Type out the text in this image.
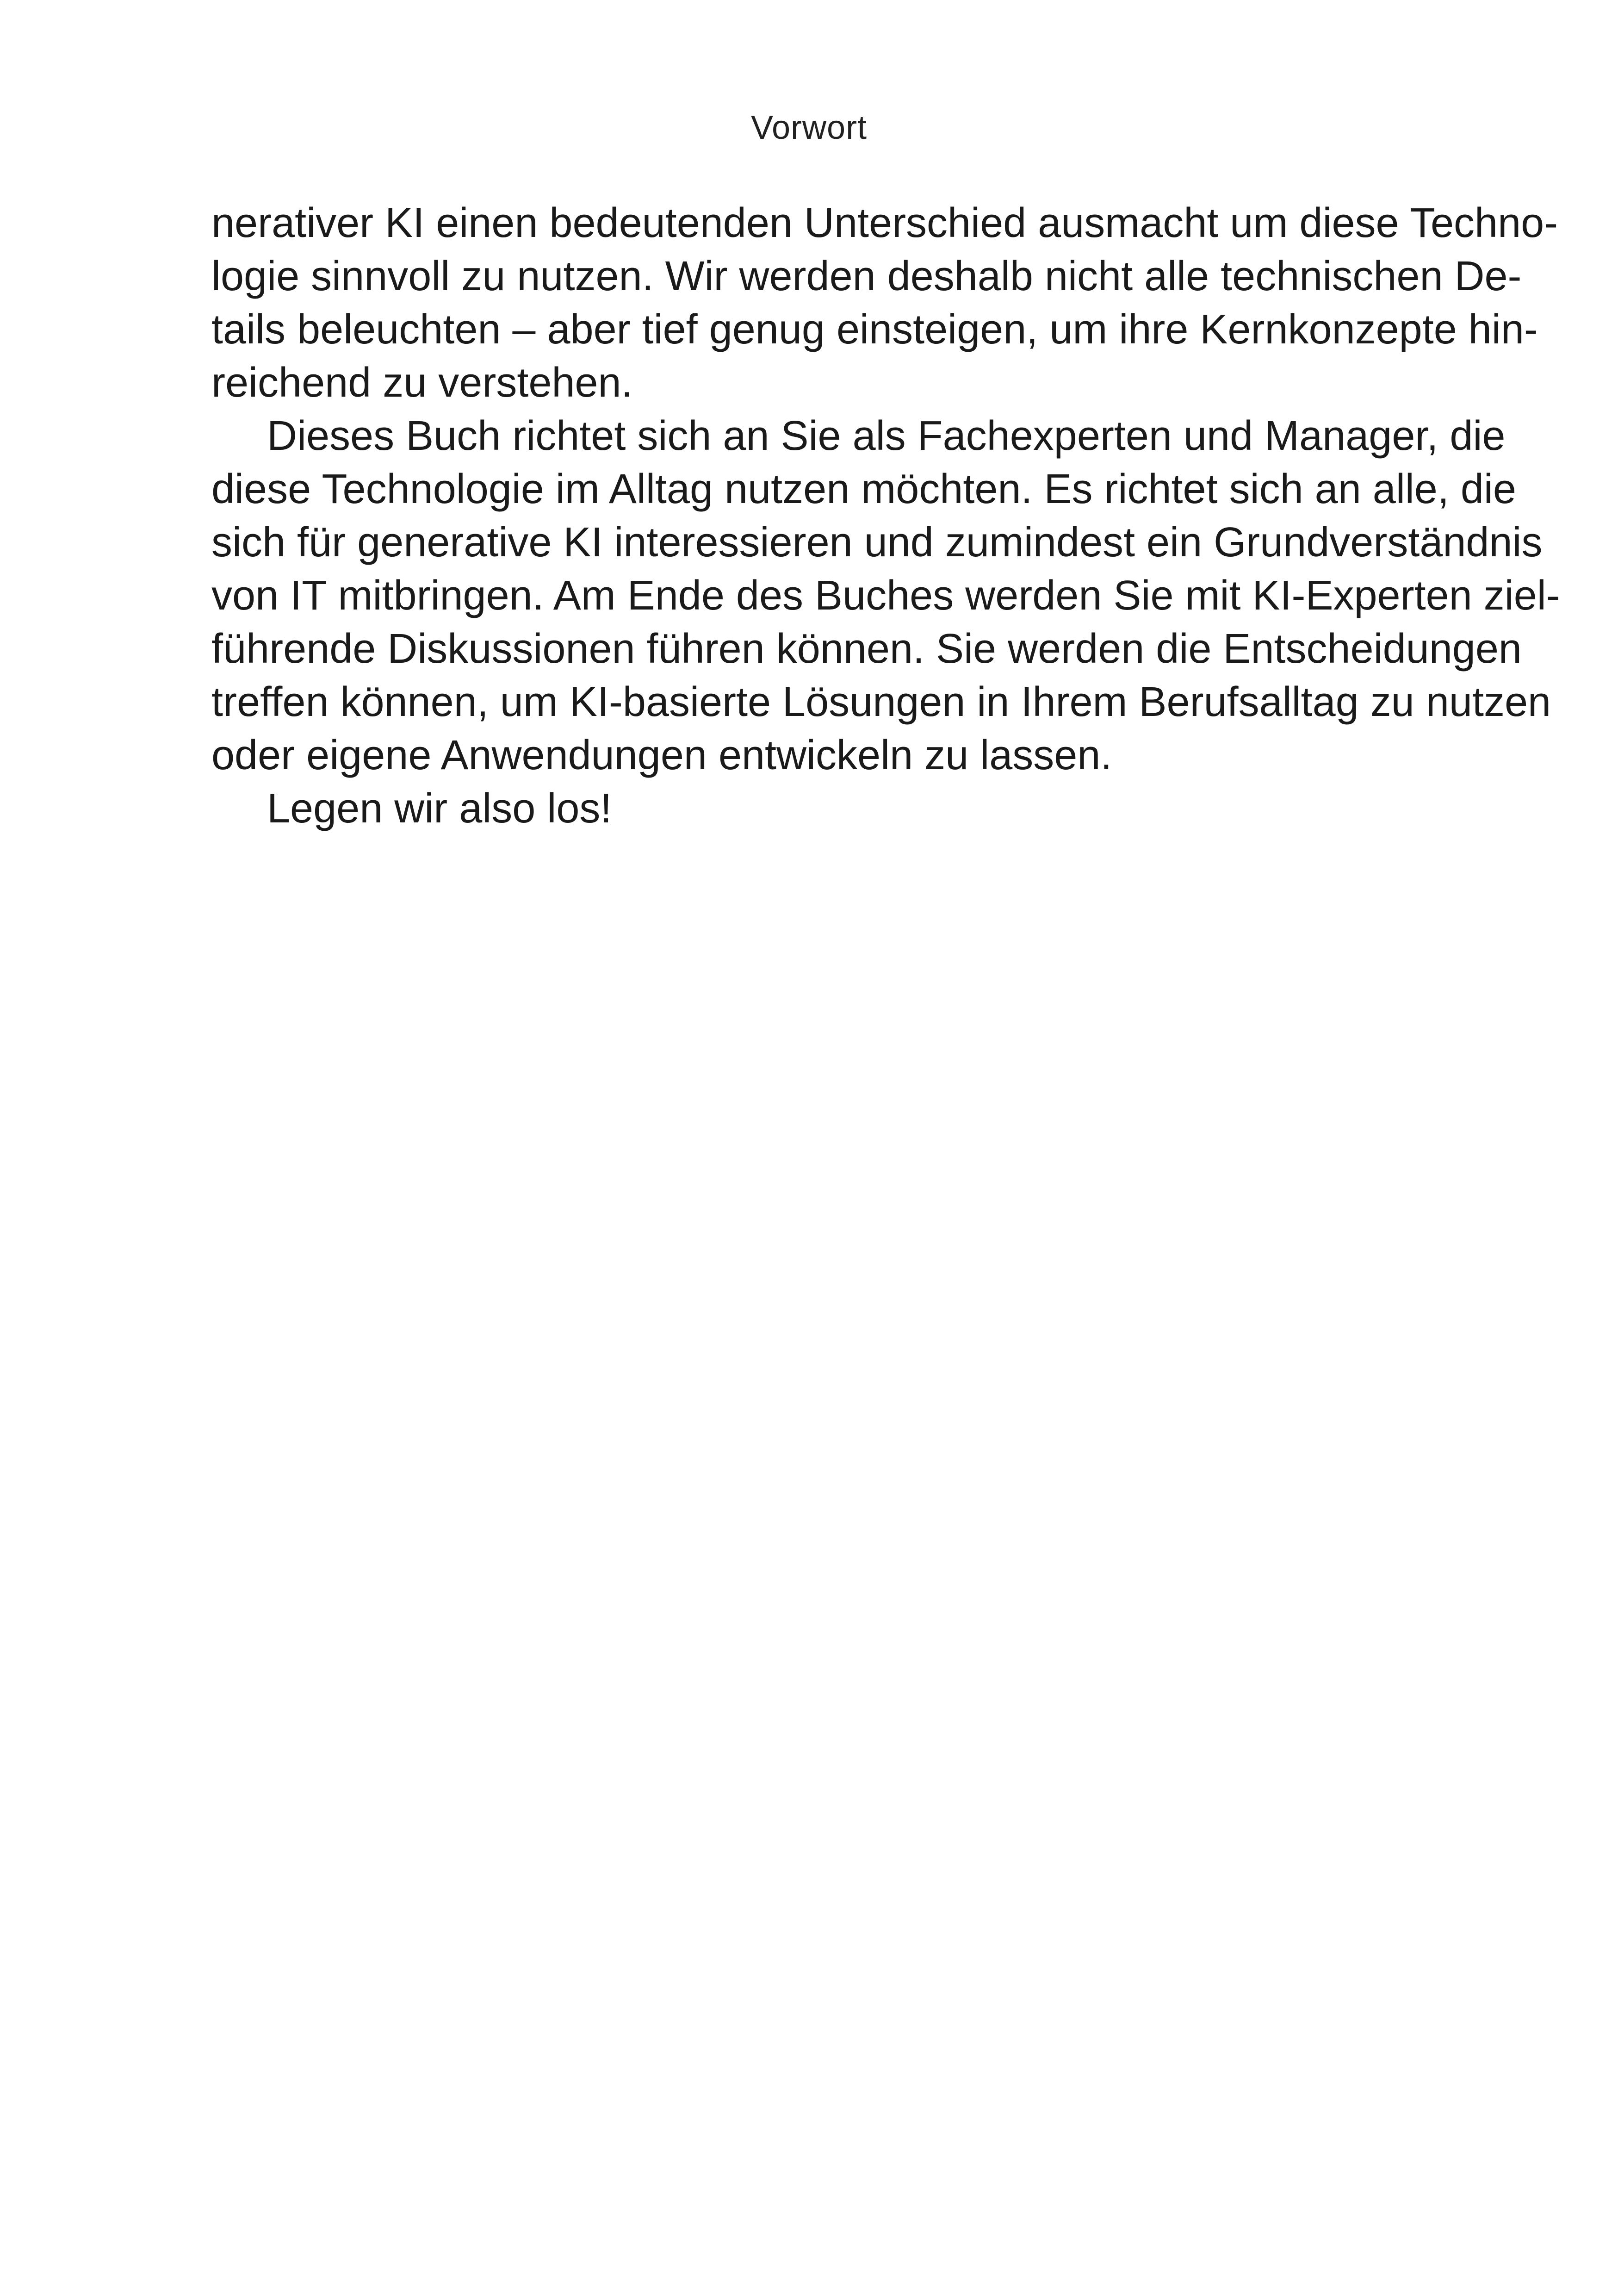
Vorwort
nerativer KI einen bedeutenden Unterschied ausmacht um diese Techno-
logie sinnvoll zu nutzen. Wir werden deshalb nicht alle technischen De-
tails beleuchten – aber tief genug einsteigen, um ihre Kernkonzepte hin-
reichend zu verstehen.
Dieses Buch richtet sich an Sie als Fachexperten und Manager, die
diese Technologie im Alltag nutzen möchten. Es richtet sich an alle, die
sich für generative KI interessieren und zumindest ein Grundverständnis
von IT mitbringen. Am Ende des Buches werden Sie mit KI-Experten ziel-
führende Diskussionen führen können. Sie werden die Entscheidungen
treffen können, um KI-basierte Lösungen in Ihrem Berufsalltag zu nutzen
oder eigene Anwendungen entwickeln zu lassen.
Legen wir also los!
